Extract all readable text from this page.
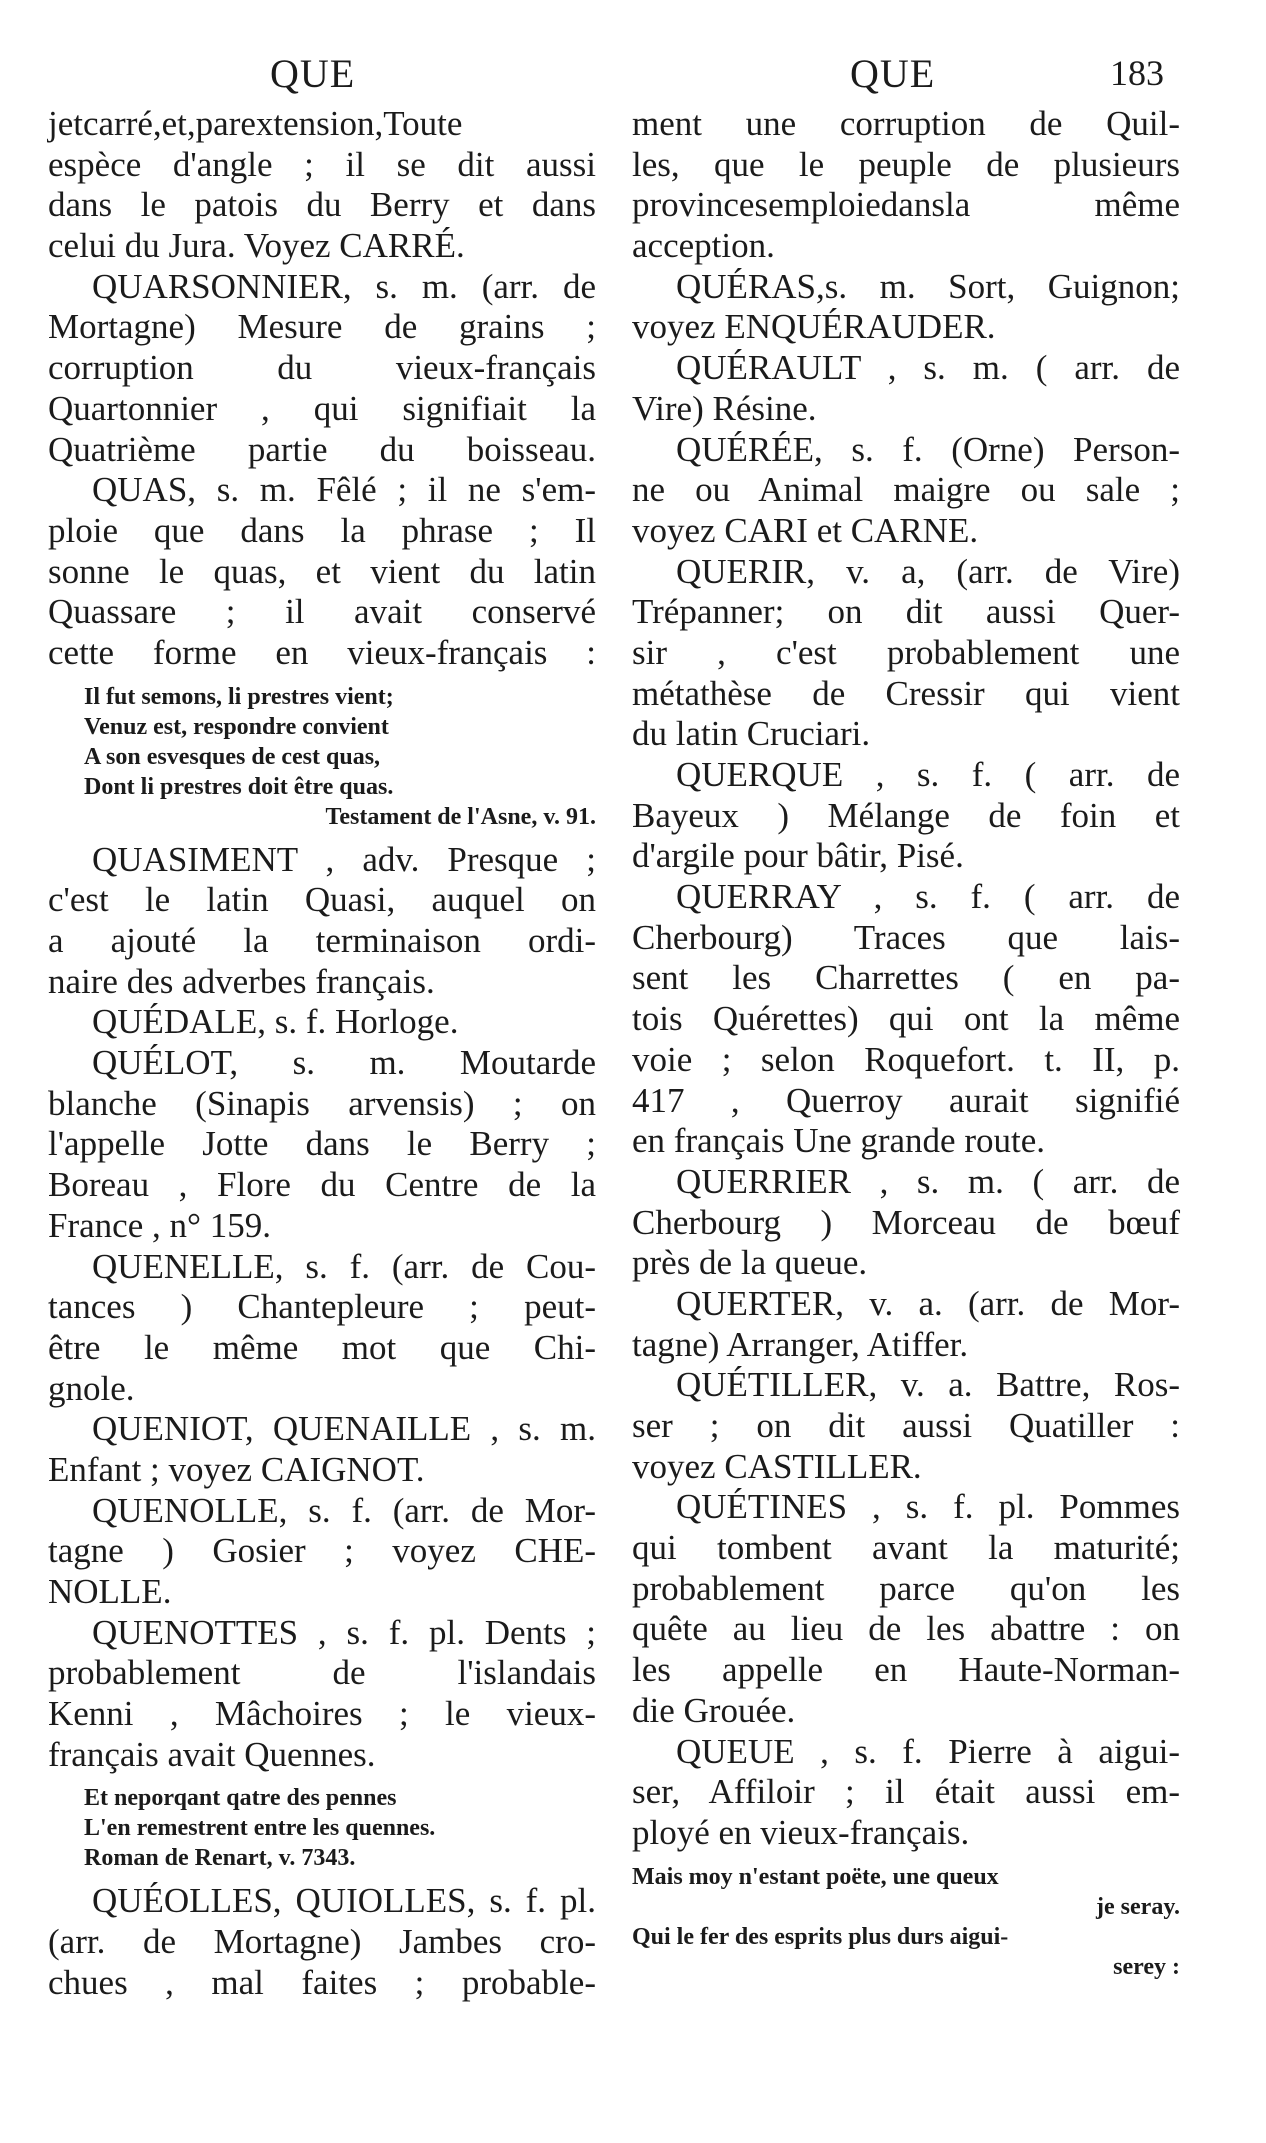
QUE	QUE	183
jetcarré,et,parextension,Toute
espèce d'angle ; il se dit aussi
dans le patois du Berry et dans
celui du Jura. Voyez CARRÉ.
QUARSONNIER, s. m. (arr. de
Mortagne) Mesure de grains ;
corruption du vieux-français
Quartonnier , qui signifiait la
Quatrième partie du boisseau.
QUAS, s. m. Fêlé ; il ne s'em-
ploie que dans la phrase ; Il
sonne le quas, et vient du latin
Quassare ; il avait conservé
cette forme en vieux-français :
Il fut semons, li prestres vient;
Venuz est, respondre convient
A son esvesques de cest quas,
Dont li prestres doit être quas.
Testament de l'Asne, v. 91.
QUASIMENT , adv. Presque ;
c'est le latin Quasi, auquel on
a ajouté la terminaison ordi-
naire des adverbes français.
QUÉDALE, s. f. Horloge.
QUÉLOT, s. m. Moutarde
blanche (Sinapis arvensis) ; on
l'appelle Jotte dans le Berry ;
Boreau , Flore du Centre de la
France , n° 159.
QUENELLE, s. f. (arr. de Cou-
tances ) Chantepleure ; peut-
être le même mot que Chi-
gnole.
QUENIOT, QUENAILLE , s. m.
Enfant ; voyez CAIGNOT.
QUENOLLE, s. f. (arr. de Mor-
tagne ) Gosier ; voyez CHE-
NOLLE.
QUENOTTES , s. f. pl. Dents ;
probablement de l'islandais
Kenni , Mâchoires ; le vieux-
français avait Quennes.
Et neporqant qatre des pennes
L'en remestrent entre les quennes.
Roman de Renart, v. 7343.
QUÉOLLES, QUIOLLES, s. f. pl.
(arr. de Mortagne) Jambes cro-
chues , mal faites ; probable-
ment une corruption de Quil-
les, que le peuple de plusieurs
provincesemploiedansla même
acception.
QUÉRAS,s. m. Sort, Guignon;
voyez ENQUÉRAUDER.
QUÉRAULT , s. m. ( arr. de
Vire) Résine.
QUÉRÉE, s. f. (Orne) Person-
ne ou Animal maigre ou sale ;
voyez CARI et CARNE.
QUERIR, v. a, (arr. de Vire)
Trépanner; on dit aussi Quer-
sir , c'est probablement une
métathèse de Cressir qui vient
du latin Cruciari.
QUERQUE , s. f. ( arr. de
Bayeux ) Mélange de foin et
d'argile pour bâtir, Pisé.
QUERRAY , s. f. ( arr. de
Cherbourg) Traces que lais-
sent les Charrettes ( en pa-
tois Quérettes) qui ont la même
voie ; selon Roquefort. t. II, p.
417 , Querroy aurait signifié
en français Une grande route.
QUERRIER , s. m. ( arr. de
Cherbourg ) Morceau de bœuf
près de la queue.
QUERTER, v. a. (arr. de Mor-
tagne) Arranger, Atiffer.
QUÉTILLER, v. a. Battre, Ros-
ser ; on dit aussi Quatiller :
voyez CASTILLER.
QUÉTINES , s. f. pl. Pommes
qui tombent avant la maturité;
probablement parce qu'on les
quête au lieu de les abattre : on
les appelle en Haute-Norman-
die Grouée.
QUEUE , s. f. Pierre à aigui-
ser, Affiloir ; il était aussi em-
ployé en vieux-français.
Mais moy n'estant poëte, une queux
je seray.
Qui le fer des esprits plus durs aigui-
serey :
